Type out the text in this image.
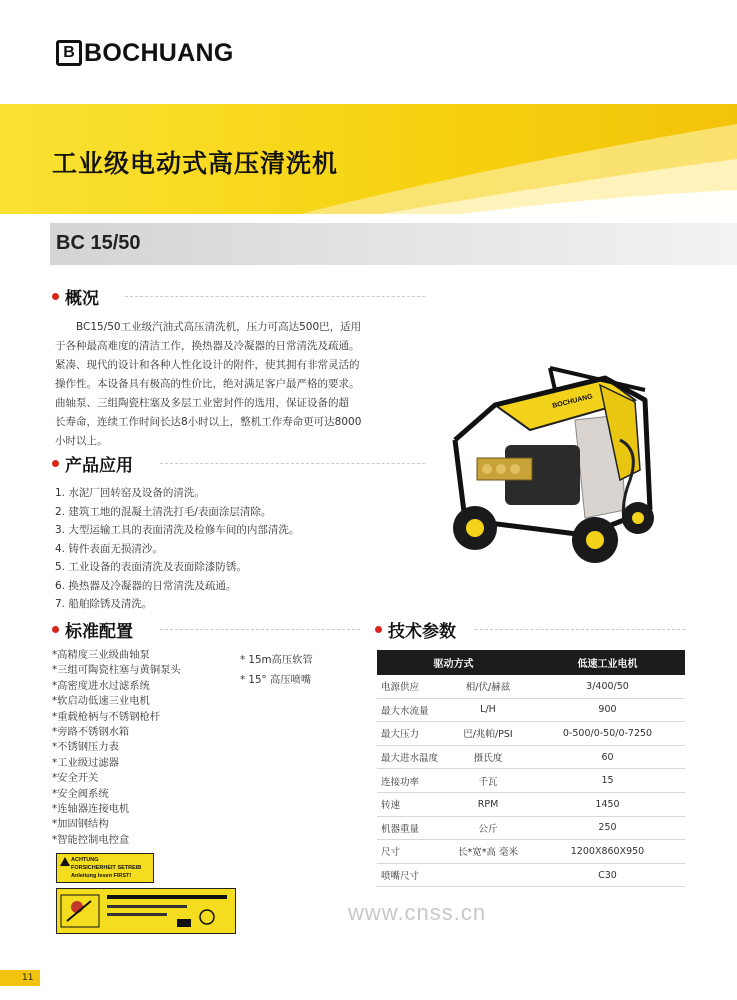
B BOCHUANG
工业级电动式高压清洗机
BC 15/50
概况

BC15/50工业级汽油式高压清洗机，压力可高达500巴，适用

于各种最高难度的清洁工作，换热器及冷凝器的日常清洗及疏通。

紧凑、现代的设计和各种人性化设计的附件，使其拥有非常灵活的

操作性。本设备具有极高的性价比，绝对满足客户最严格的要求。

曲轴泵、三组陶瓷柱塞及多层工业密封件的选用，保证设备的超

长寿命，连续工作时间长达8小时以上，整机工作寿命更可达8000

小时以上。

BOCHUANG
产品应用
1. 水泥厂回转窑及设备的清洗。
2. 建筑工地的混凝土清洗打毛/表面涂层清除。
3. 大型运输工具的表面清洗及检修车间的内部清洗。
4. 铸件表面无损清沙。
5. 工业设备的表面清洗及表面除漆防锈。
6. 换热器及冷凝器的日常清洗及疏通。
7. 船舶除锈及清洗。
标准配置
*高精度三业级曲轴泵
*三组可陶瓷柱塞与黄铜泵头
*高密度进水过滤系统
*软启动低速三业电机
*重载枪柄与不锈钢枪杆
*旁路不锈钢水箱
*不锈钢压力表
*工业级过滤器
*安全开关
*安全阀系统
*连轴器连接电机
*加固钢结构
*智能控制电控盒
* 15m高压软管
* 15° 高压喷嘴
技术参数
驱动方式		低速工业电机
电源供应	相/伏/赫兹	3/400/50
最大水流量	L/H	900
最大压力	巴/兆帕/PSI	0-500/0-50/0-7250
最大进水温度	摄氏度	60
连接功率	千瓦	15
转速	RPM	1450
机器重量	公斤	250
尺寸	长*宽*高 毫米	1200X860X950
喷嘴尺寸		C30
ACHTUNG
FORSICHERHEIT SETREIB
Anleitung lesen FIRST!
www.cnss.cn
11
